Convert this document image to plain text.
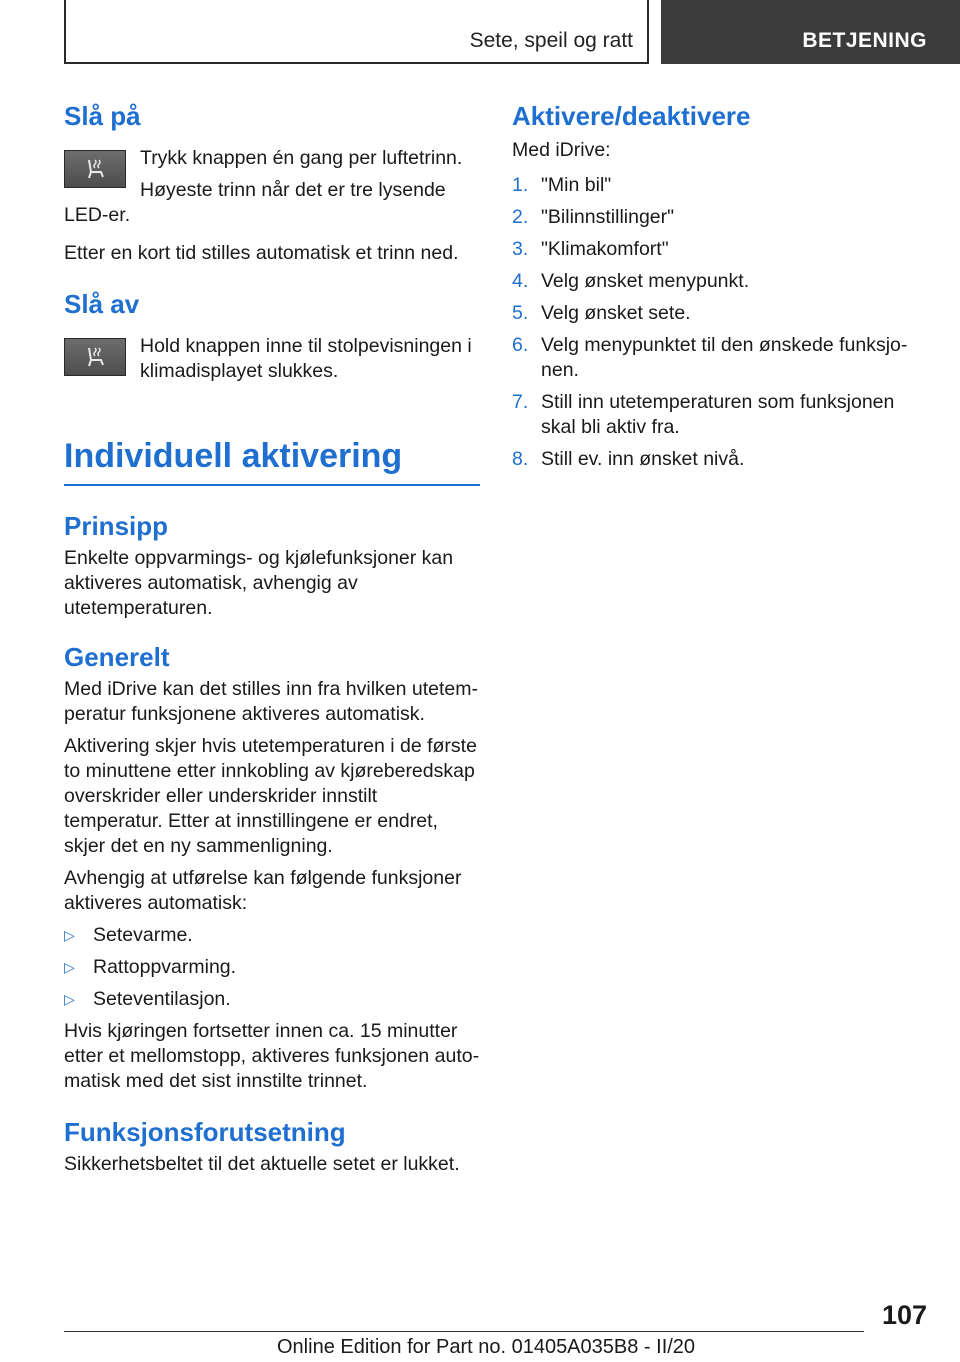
Sete, speil og ratt	BETJENING
Slå på

Trykk knappen én gang per luftetrinn.

Høyeste trinn når det er tre lysende LED-er.

Etter en kort tid stilles automatisk et trinn ned.

Slå av

Hold knappen inne til stolpevisningen i klimadisplayet slukkes.

Individuell aktivering
Prinsipp

Enkelte oppvarmings- og kjølefunksjoner kan aktiveres automatisk, avhengig av utetemperaturen.

Generelt

Med iDrive kan det stilles inn fra hvilken utetemperatur funksjonene aktiveres automatisk.

Aktivering skjer hvis utetemperaturen i de første to minuttene etter innkobling av kjøreberedskap overskrider eller underskrider innstilt temperatur. Etter at innstillingene er endret, skjer det en ny sammenligning.

Avhengig at utførelse kan følgende funksjoner aktiveres automatisk:

▷ Setevarme.
▷ Rattoppvarming.
▷ Seteventilasjon.

Hvis kjøringen fortsetter innen ca. 15 minutter etter et mellomstopp, aktiveres funksjonen automatisk med det sist innstilte trinnet.

Funksjonsforutsetning

Sikkerhetsbeltet til det aktuelle setet er lukket.

Aktivere/deaktivere

Med iDrive:

1. "Min bil"
2. "Bilinnstillinger"
3. "Klimakomfort"
4. Velg ønsket menypunkt.
5. Velg ønsket sete.
6. Velg menypunktet til den ønskede funksjonen.
7. Still inn utetemperaturen som funksjonen skal bli aktiv fra.
8. Still ev. inn ønsket nivå.
107
Online Edition for Part no. 01405A035B8 - II/20
